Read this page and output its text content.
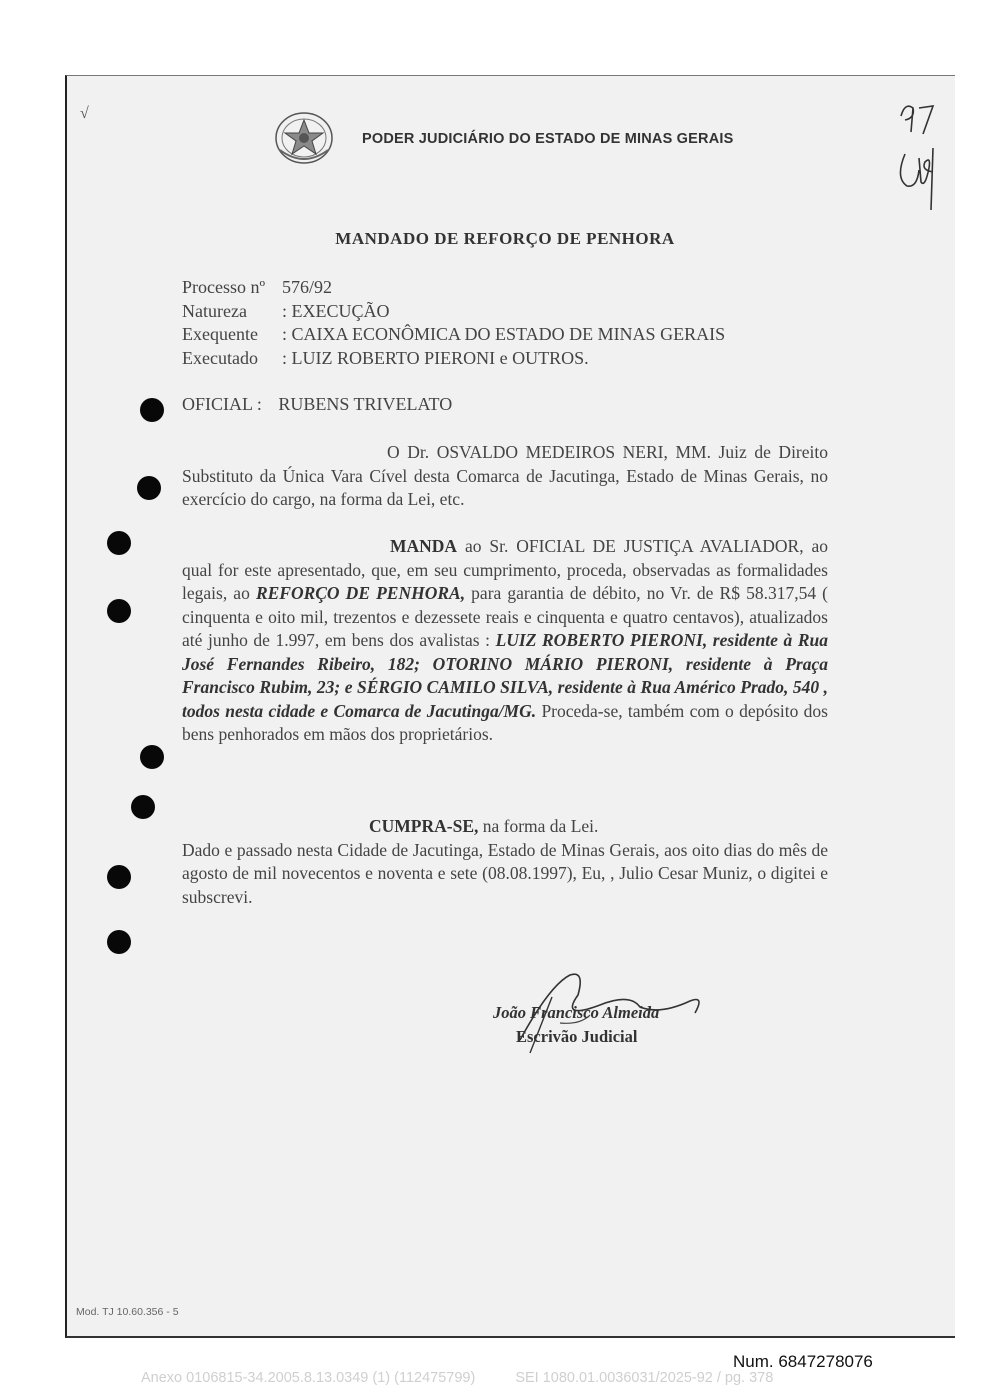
√
PODER JUDICIÁRIO DO ESTADO DE MINAS GERAIS
MANDADO DE REFORÇO DE PENHORA
Processo nº 576/92
Natureza	: EXECUÇÃO
Exequente	: CAIXA ECONÔMICA DO ESTADO DE MINAS GERAIS
Executado	: LUIZ ROBERTO PIERONI e OUTROS.
OFICIAL : RUBENS TRIVELATO
O Dr. OSVALDO MEDEIROS NERI, MM. Juiz de Direito Substituto da Única Vara Cível desta Comarca de Jacutinga, Estado de Minas Gerais, no exercício do cargo, na forma da Lei, etc.
MANDA ao Sr. OFICIAL DE JUSTIÇA AVALIADOR, ao qual for este apresentado, que, em seu cumprimento, proceda, observadas as formalidades legais, ao REFORÇO DE PENHORA, para garantia de débito, no Vr. de R$ 58.317,54 ( cinquenta e oito mil, trezentos e dezessete reais e cinquenta e quatro centavos), atualizados até junho de 1.997, em bens dos avalistas : LUIZ ROBERTO PIERONI, residente à Rua José Fernandes Ribeiro, 182; OTORINO MÁRIO PIERONI, residente à Praça Francisco Rubim, 23; e SÉRGIO CAMILO SILVA, residente à Rua Américo Prado, 540 , todos nesta cidade e Comarca de Jacutinga/MG. Proceda-se, também com o depósito dos bens penhorados em mãos dos proprietários.
CUMPRA-SE, na forma da Lei.
Dado e passado nesta Cidade de Jacutinga, Estado de Minas Gerais, aos oito dias do mês de agosto de mil novecentos e noventa e sete (08.08.1997), Eu, , Julio Cesar Muniz, o digitei e subscrevi.
João Francisco Almeida
Escrivão Judicial
Mod. TJ 10.60.356 - 5
Num. 6847278076
Anexo 0106815-34.2005.8.13.0349 (1) (112475799)	SEI 1080.01.0036031/2025-92 / pg. 378
